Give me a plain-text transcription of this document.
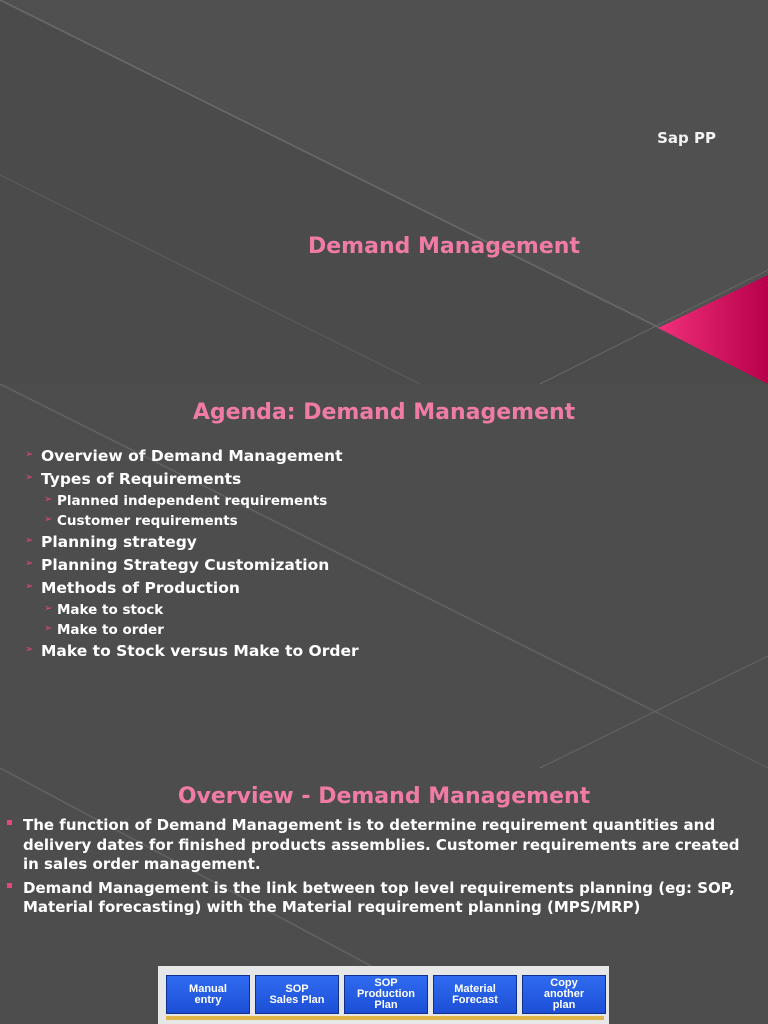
Sap PP
Demand Management
Agenda: Demand Management
➢ Overview of Demand Management
➢ Types of Requirements
➢ Planned independent requirements
➢ Customer requirements
➢ Planning strategy
➢ Planning Strategy Customization
➢ Methods of Production
➢ Make to stock
➢ Make to order
➢ Make to Stock versus Make to Order
Overview - Demand Management
The function of Demand Management is to determine requirement quantities and delivery dates for finished products assemblies. Customer requirements are created in sales order management.
Demand Management is the link between top level requirements planning (eg: SOP, Material forecasting) with the Material requirement planning (MPS/MRP)
Manual
entry
SOP
Sales Plan
SOP
Production
Plan
Material
Forecast
Copy
another
plan
